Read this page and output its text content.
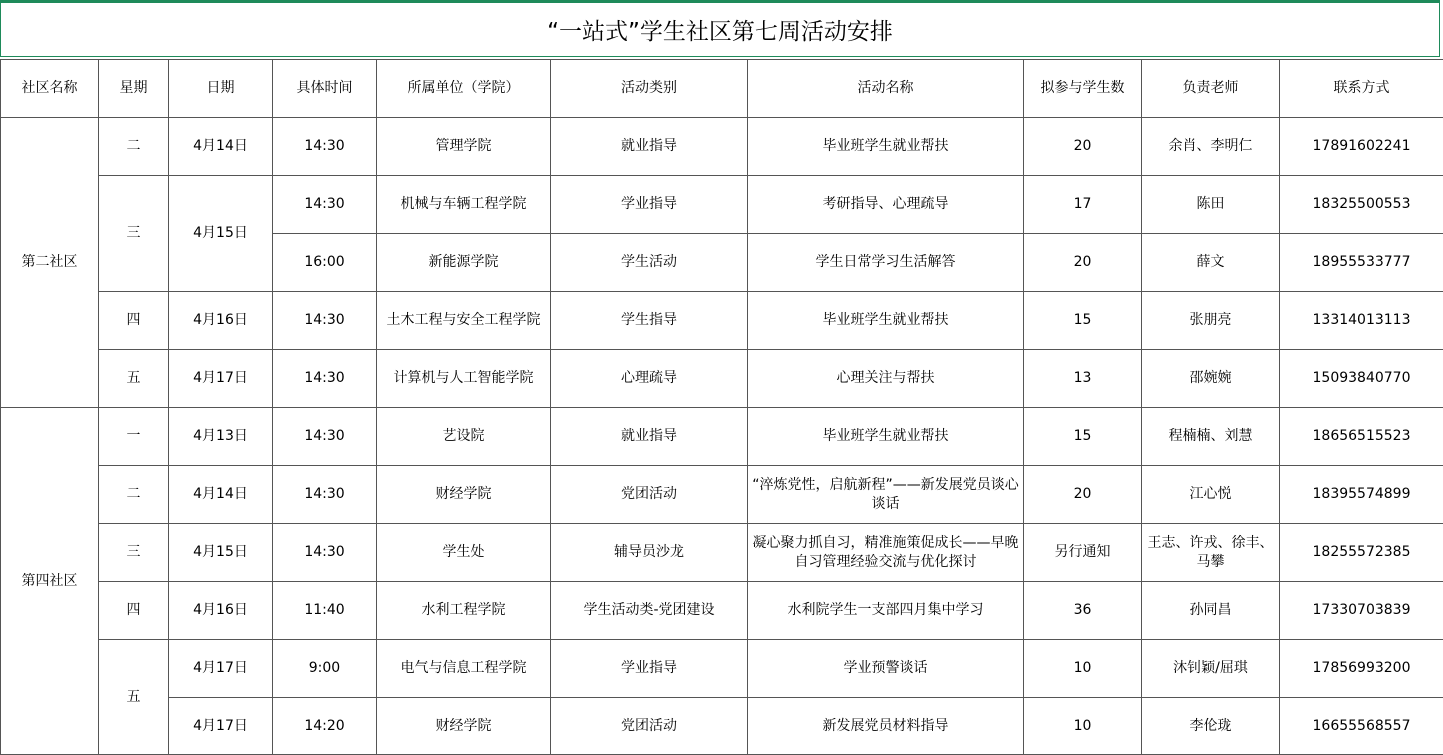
“一站式”学生社区第七周活动安排
社区名称	星期	日期	具体时间	所属单位（学院）	活动类别	活动名称	拟参与学生数	负责老师	联系方式
第二社区	二	4月14日	14:30	管理学院	就业指导	毕业班学生就业帮扶	20	余肖、李明仁	17891602241
	三	4月15日	14:30	机械与车辆工程学院	学业指导	考研指导、心理疏导	17	陈田	18325500553
			16:00	新能源学院	学生活动	学生日常学习生活解答	20	薛文	18955533777
	四	4月16日	14:30	土木工程与安全工程学院	学生指导	毕业班学生就业帮扶	15	张朋亮	13314013113
	五	4月17日	14:30	计算机与人工智能学院	心理疏导	心理关注与帮扶	13	邵婉婉	15093840770
第四社区	一	4月13日	14:30	艺设院	就业指导	毕业班学生就业帮扶	15	程楠楠、刘慧	18656515523
	二	4月14日	14:30	财经学院	党团活动	“淬炼党性，启航新程”——新发展党员谈心谈话	20	江心悦	18395574899
	三	4月15日	14:30	学生处	辅导员沙龙	凝心聚力抓自习，精准施策促成长——早晚自习管理经验交流与优化探讨	另行通知	王志、许戎、徐丰、马攀	18255572385
	四	4月16日	11:40	水利工程学院	学生活动类-党团建设	水利院学生一支部四月集中学习	36	孙同昌	17330703839
	五	4月17日	9:00	电气与信息工程学院	学业指导	学业预警谈话	10	沐钊颖/屈琪	17856993200
		4月17日	14:20	财经学院	党团活动	新发展党员材料指导	10	李伦珑	16655568557
